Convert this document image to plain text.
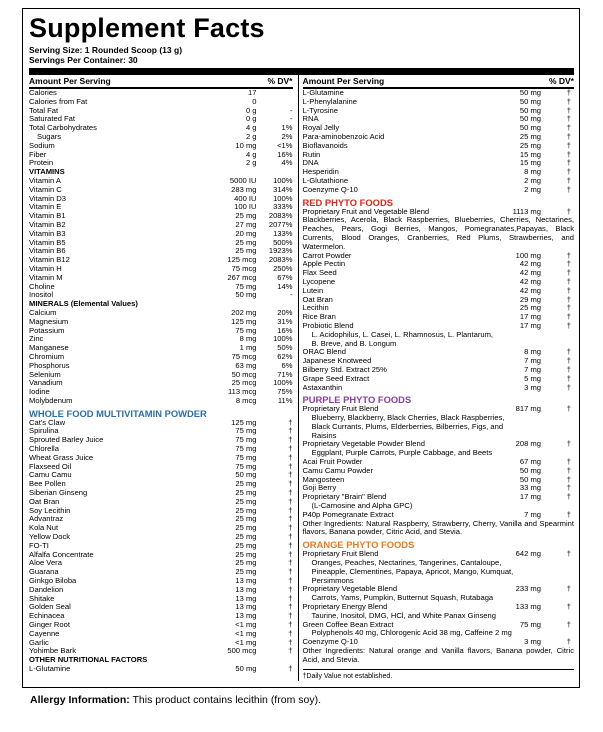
Supplement Facts
Serving Size: 1 Rounded Scoop (13 g)
Servings Per Container: 30
Amount Per Serving	% DV*
Calories	17
Calories from Fat	0
Total Fat	0 g	-
Saturated Fat	0 g	-
Total Carbohydrates	4 g	1%
Sugars	2 g	2%
Sodium	10 mg	<1%
Fiber	4 g	16%
Protein	2 g	4%
VITAMINS
Vitamin A	5000 IU	100%
Vitamin C	283 mg	314%
Vitamin D3	400 IU	100%
Vitamin E	100 IU	333%
Vitamin B1	25 mg	2083%
Vitamin B2	27 mg	2077%
Vitamin B3	20 mg	133%
Vitamin B5	25 mg	500%
Vitamin B6	25 mg	1923%
Vitamin B12	125 mcg	2083%
Vitamin H	75 mcg	250%
Vitamin M	267 mcg	67%
Choline	75 mg	14%
Inositol	50 mg	-
MINERALS (Elemental Values)
Calcium	202 mg	20%
Magnesium	125 mg	31%
Potassium	75 mg	16%
Zinc	8 mg	100%
Manganese	1 mg	50%
Chromium	75 mcg	62%
Phosphorus	63 mg	6%
Selenium	50 mcg	71%
Vanadium	25 mcg	100%
Iodine	113 mcg	75%
Molybdenum	8 mcg	11%
WHOLE FOOD MULTIVITAMIN POWDER
Cat's Claw	125 mg	†
Spirulina	75 mg	†
Sprouted Barley Juice	75 mg	†
Chlorella	75 mg	†
Wheat Grass Juice	75 mg	†
Flaxseed Oil	75 mg	†
Camu Camu	50 mg	†
Bee Pollen	25 mg	†
Siberian Ginseng	25 mg	†
Oat Bran	25 mg	†
Soy Lecithin	25 mg	†
Advantraz	25 mg	†
Kola Nut	25 mg	†
Yellow Dock	25 mg	†
FO-TI	25 mg	†
Alfalfa Concentrate	25 mg	†
Aloe Vera	25 mg	†
Guarana	25 mg	†
Ginkgo Biloba	13 mg	†
Dandelion	13 mg	†
Shitake	13 mg	†
Golden Seal	13 mg	†
Echinacea	13 mg	†
Ginger Root	<1 mg	†
Cayenne	<1 mg	†
Garlic	<1 mg	†
Yohimbe Bark	500 mcg	†
OTHER NUTRITIONAL FACTORS
L-Glutamine	50 mg	†
Amount Per Serving	% DV*
L-Glutamine	50 mg	†
L-Phenylalanine	50 mg	†
L-Tyrosine	50 mg	†
RNA	50 mg	†
Royal Jelly	50 mg	†
Para-aminobenzoic Acid	25 mg	†
Bioflavanoids	25 mg	†
Rutin	15 mg	†
DNA	15 mg	†
Hesperidin	8 mg	†
L-Glutathione	2 mg	†
Coenzyme Q-10	2 mg	†
RED PHYTO FOODS
Proprietary Fruit and Vegetable Blend	1113 mg	†
Blackberries, Acerola, Black Raspberries, Blueberries, Cherries, Nectarines, Peaches, Pears, Gogi Berries, Mangos, Pomegranates,Papayas, Black Currents, Blood Oranges, Cranberries, Red Plums, Strawberries, and Watermelon.
Carrot Powder	100 mg	†
Apple Pectin	42 mg	†
Flax Seed	42 mg	†
Lycopene	42 mg	†
Lutein	42 mg	†
Oat Bran	29 mg	†
Lecithin	25 mg	†
Rice Bran	17 mg	†
Probiotic Blend	17 mg	†
L. Acidophilus, L. Casei, L. Rhamnosus, L. Plantarum,
B. Breve, and B. Longum
ORAC Blend	8 mg	†
Japanese Knotweed	7 mg	†
Bilberry Std. Extract 25%	7 mg	†
Grape Seed Extract	5 mg	†
Astaxanthin	3 mg	†
PURPLE PHYTO FOODS
Proprietary Fruit Blend	817 mg	†
Blueberry, Blackberry, Black Cherries, Black Raspberries,
Black Currants, Plums, Elderberries, Bilberries, Figs, and
Raisins
Proprietary Vegetable Powder Blend	208 mg	†
Eggplant, Purple Carrots, Purple Cabbage, and Beets
Acai Fruit Powder	67 mg	†
Camu Camu Powder	50 mg	†
Mangosteen	50 mg	†
Goji Berry	33 mg	†
Proprietary "Brain" Blend	17 mg	†
(L-Carnosine and Alpha GPC)
P40p Pomegranate Extract	7 mg	†
Other Ingredients: Natural Raspberry, Strawberry, Cherry, Vanilla and Spearmint flavors, Banana powder, Citric Acid, and Stevia.
ORANGE PHYTO FOODS
Proprietary Fruit Blend	642 mg	†
Oranges, Peaches, Nectarines, Tangerines, Cantaloupe,
Pineapple, Clementines, Papaya, Apricot, Mango, Kumquat,
Persimmons
Proprietary Vegetable Blend	233 mg	†
Carrots, Yams, Pumpkin, Butternut Squash, Rutabaga
Proprietary Energy Blend	133 mg	†
Taurine, Inositol, DMG, HCl, and White Panax Ginseng
Green Coffee Bean Extract	75 mg	†
Polyphenols 40 mg, Chlorogenic Acid 38 mg, Caffeine 2 mg
Coenzyme Q-10	3 mg	†
Other Ingredients: Natural orange and Vanilla flavors, Banana powder, Citric Acid, and Stevia.
†Daily Value not established.
Allergy Information: This product contains lecithin (from soy).
